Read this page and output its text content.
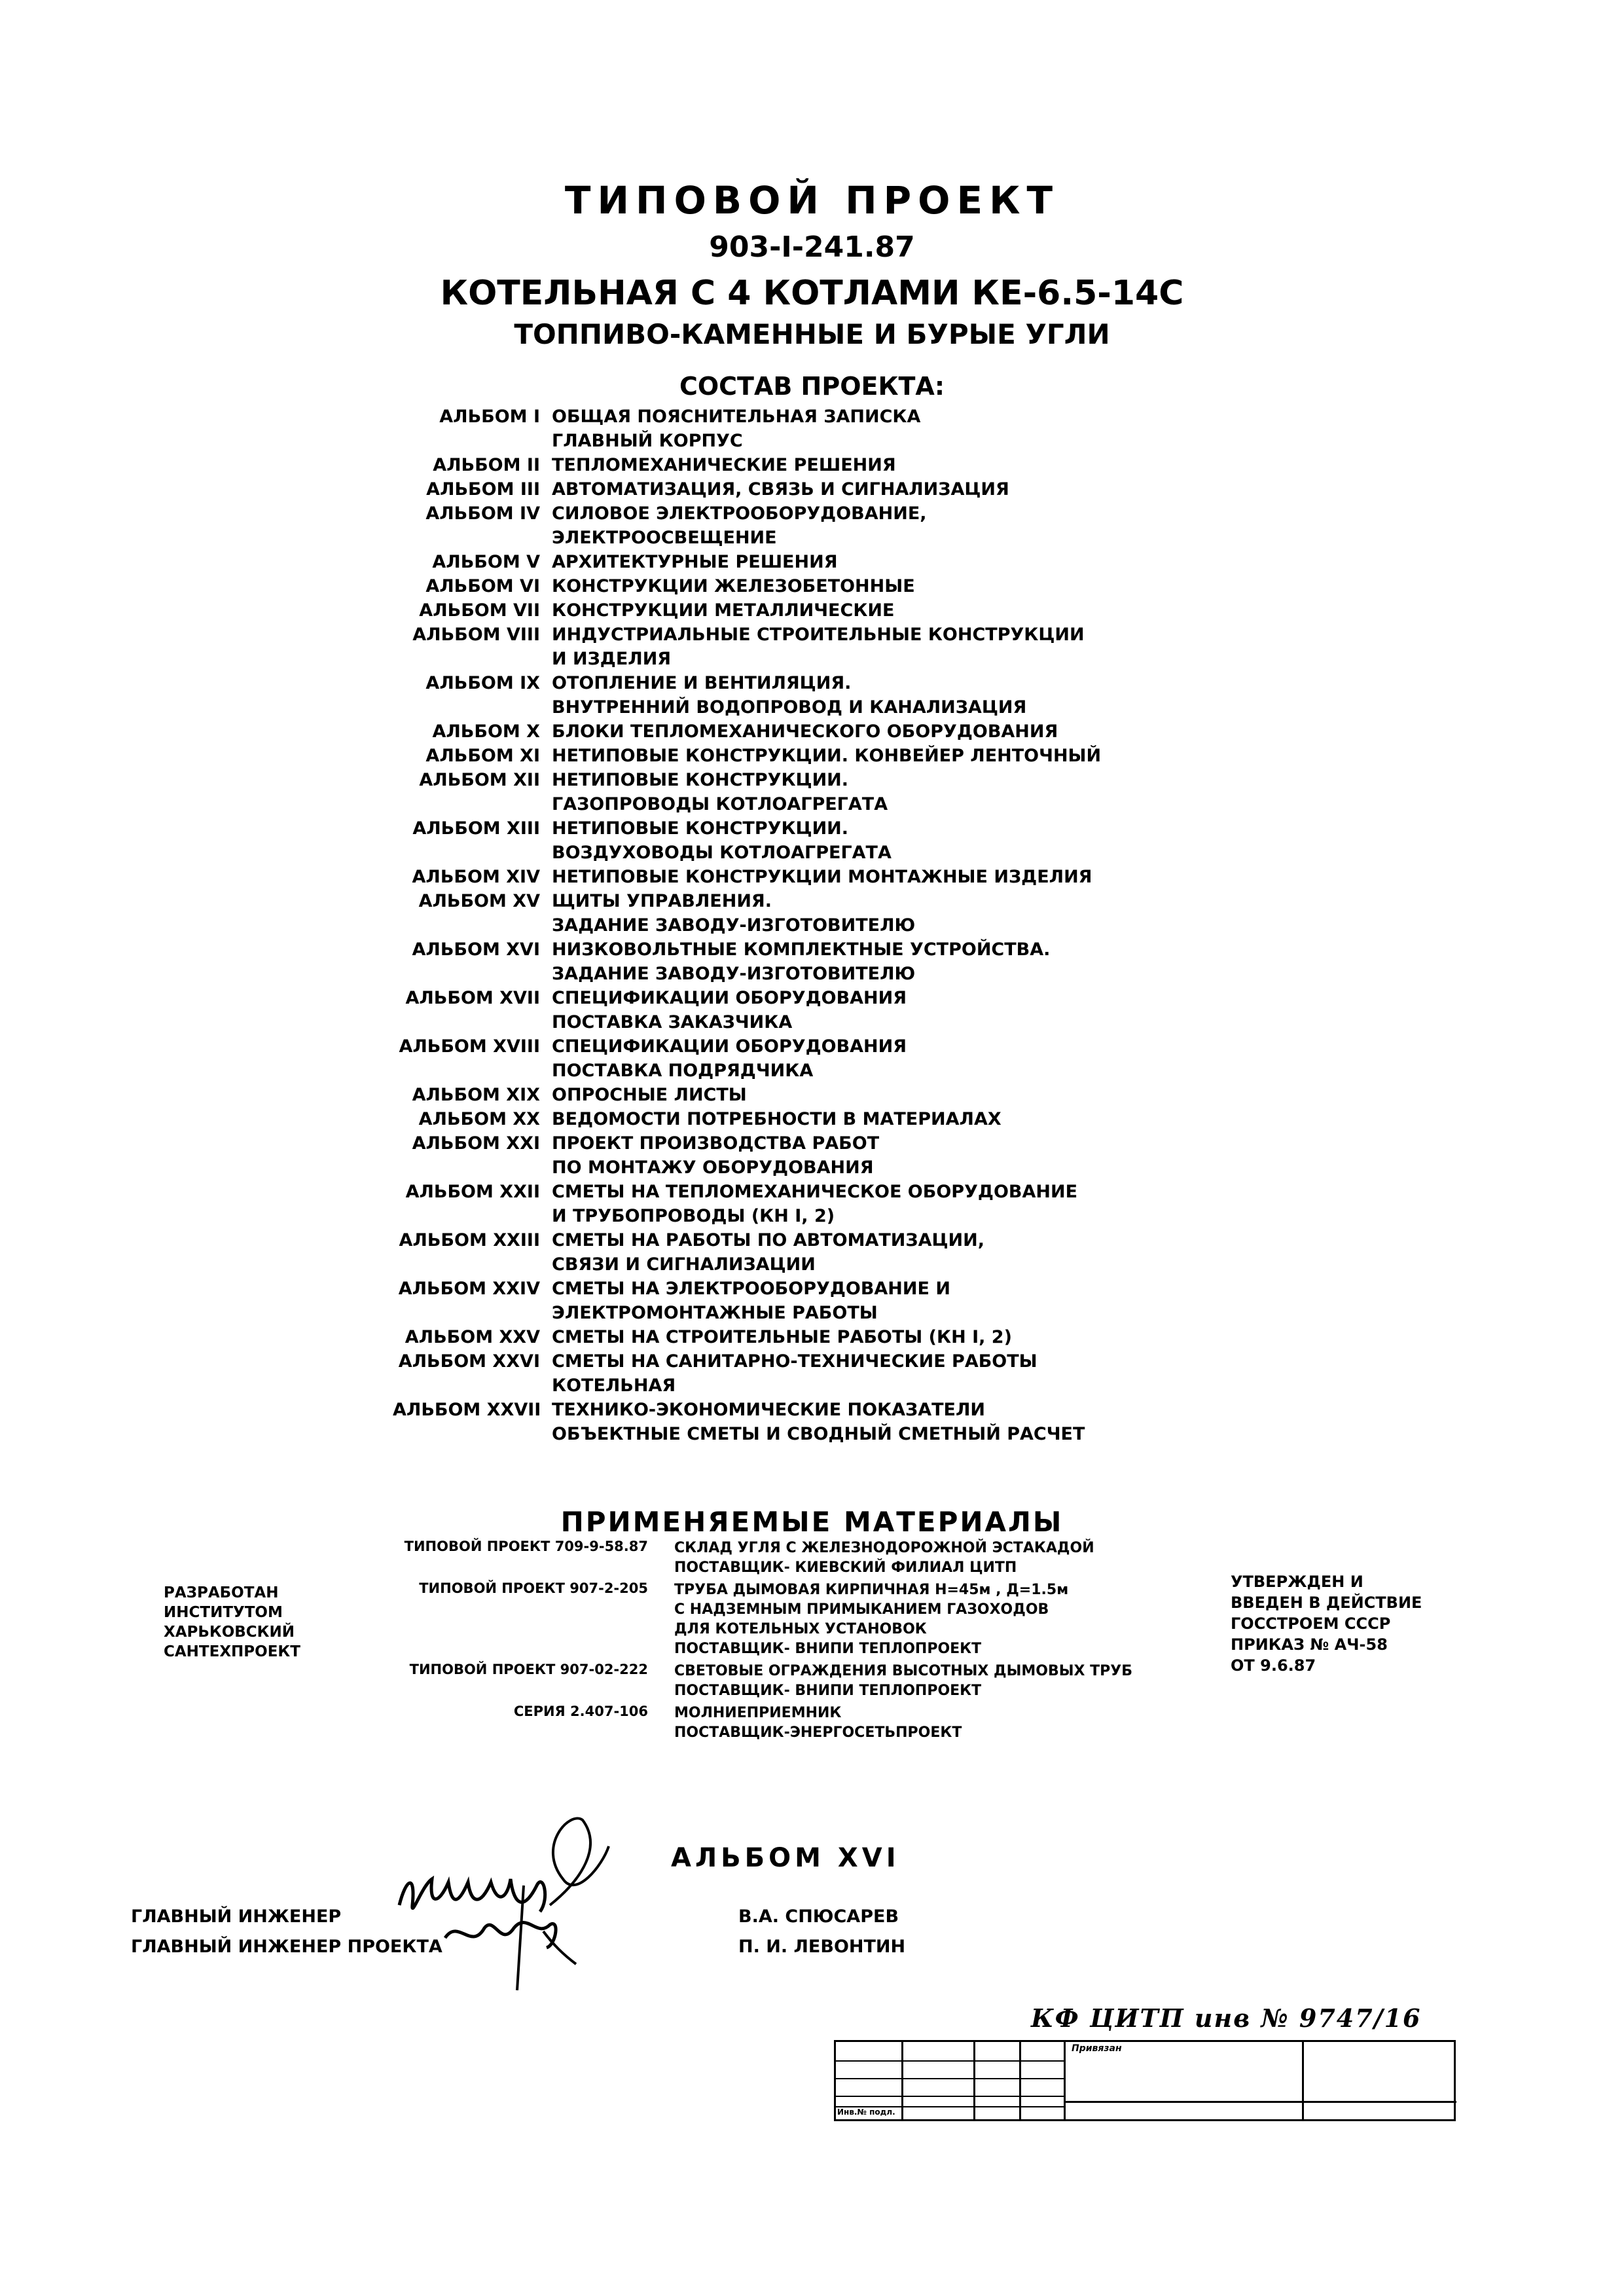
ТИПОВОЙ ПРОЕКТ
903-I-241.87
КОТЕЛЬНАЯ С 4 КОТЛАМИ КЕ-6.5-14С
ТОППИВО-КАМЕННЫЕ И БУРЫЕ УГЛИ
СОСТАВ ПРОЕКТА:
АЛЬБОМ I ОБЩАЯ ПОЯСНИТЕЛЬНАЯ ЗАПИСКА
ГЛАВНЫЙ КОРПУС
АЛЬБОМ II ТЕПЛОМЕХАНИЧЕСКИЕ РЕШЕНИЯ
АЛЬБОМ III АВТОМАТИЗАЦИЯ, СВЯЗЬ И СИГНАЛИЗАЦИЯ
АЛЬБОМ IV СИЛОВОЕ ЭЛЕКТРООБОРУДОВАНИЕ,
ЭЛЕКТРООСВЕЩЕНИЕ
АЛЬБОМ V АРХИТЕКТУРНЫЕ РЕШЕНИЯ
АЛЬБОМ VI КОНСТРУКЦИИ ЖЕЛЕЗОБЕТОННЫЕ
АЛЬБОМ VII КОНСТРУКЦИИ МЕТАЛЛИЧЕСКИЕ
АЛЬБОМ VIII ИНДУСТРИАЛЬНЫЕ СТРОИТЕЛЬНЫЕ КОНСТРУКЦИИ
И ИЗДЕЛИЯ
АЛЬБОМ IX ОТОПЛЕНИЕ И ВЕНТИЛЯЦИЯ.
ВНУТРЕННИЙ ВОДОПРОВОД И КАНАЛИЗАЦИЯ
АЛЬБОМ X БЛОКИ ТЕПЛОМЕХАНИЧЕСКОГО ОБОРУДОВАНИЯ
АЛЬБОМ XI НЕТИПОВЫЕ КОНСТРУКЦИИ. КОНВЕЙЕР ЛЕНТОЧНЫЙ
АЛЬБОМ XII НЕТИПОВЫЕ КОНСТРУКЦИИ.
ГАЗОПРОВОДЫ КОТЛОАГРЕГАТА
АЛЬБОМ XIII НЕТИПОВЫЕ КОНСТРУКЦИИ.
ВОЗДУХОВОДЫ КОТЛОАГРЕГАТА
АЛЬБОМ XIV НЕТИПОВЫЕ КОНСТРУКЦИИ МОНТАЖНЫЕ ИЗДЕЛИЯ
АЛЬБОМ XV ЩИТЫ УПРАВЛЕНИЯ.
ЗАДАНИЕ ЗАВОДУ-ИЗГОТОВИТЕЛЮ
АЛЬБОМ XVI НИЗКОВОЛЬТНЫЕ КОМПЛЕКТНЫЕ УСТРОЙСТВА.
ЗАДАНИЕ ЗАВОДУ-ИЗГОТОВИТЕЛЮ
АЛЬБОМ XVII СПЕЦИФИКАЦИИ ОБОРУДОВАНИЯ
ПОСТАВКА ЗАКАЗЧИКА
АЛЬБОМ XVIII СПЕЦИФИКАЦИИ ОБОРУДОВАНИЯ
ПОСТАВКА ПОДРЯДЧИКА
АЛЬБОМ XIX ОПРОСНЫЕ ЛИСТЫ
АЛЬБОМ XX ВЕДОМОСТИ ПОТРЕБНОСТИ В МАТЕРИАЛАХ
АЛЬБОМ XXI ПРОЕКТ ПРОИЗВОДСТВА РАБОТ
ПО МОНТАЖУ ОБОРУДОВАНИЯ
АЛЬБОМ XXII СМЕТЫ НА ТЕПЛОМЕХАНИЧЕСКОЕ ОБОРУДОВАНИЕ
И ТРУБОПРОВОДЫ (КН I, 2)
АЛЬБОМ XXIII СМЕТЫ НА РАБОТЫ ПО АВТОМАТИЗАЦИИ,
СВЯЗИ И СИГНАЛИЗАЦИИ
АЛЬБОМ XXIV СМЕТЫ НА ЭЛЕКТРООБОРУДОВАНИЕ И
ЭЛЕКТРОМОНТАЖНЫЕ РАБОТЫ
АЛЬБОМ XXV СМЕТЫ НА СТРОИТЕЛЬНЫЕ РАБОТЫ (КН I, 2)
АЛЬБОМ XXVI СМЕТЫ НА САНИТАРНО-ТЕХНИЧЕСКИЕ РАБОТЫ
КОТЕЛЬНАЯ
АЛЬБОМ XXVII ТЕХНИКО-ЭКОНОМИЧЕСКИЕ ПОКАЗАТЕЛИ
ОБЪЕКТНЫЕ СМЕТЫ И СВОДНЫЙ СМЕТНЫЙ РАСЧЕТ
ПРИМЕНЯЕМЫЕ МАТЕРИАЛЫ
ТИПОВОЙ ПРОЕКТ 709-9-58.87 СКЛАД УГЛЯ С ЖЕЛЕЗНОДОРОЖНОЙ ЭСТАКАДОЙ
ПОСТАВЩИК- КИЕВСКИЙ ФИЛИАЛ ЦИТП
ТИПОВОЙ ПРОЕКТ 907-2-205 ТРУБА ДЫМОВАЯ КИРПИЧНАЯ Н=45м , Д=1.5м
С НАДЗЕМНЫМ ПРИМЫКАНИЕМ ГАЗОХОДОВ
ДЛЯ КОТЕЛЬНЫХ УСТАНОВОК
ПОСТАВЩИК- ВНИПИ ТЕПЛОПРОЕКТ
ТИПОВОЙ ПРОЕКТ 907-02-222 СВЕТОВЫЕ ОГРАЖДЕНИЯ ВЫСОТНЫХ ДЫМОВЫХ ТРУБ
ПОСТАВЩИК- ВНИПИ ТЕПЛОПРОЕКТ
СЕРИЯ 2.407-106 МОЛНИЕПРИЕМНИК
ПОСТАВЩИК-ЭНЕРГОСЕТЬПРОЕКТ
РАЗРАБОТАН
ИНСТИТУТОМ
ХАРЬКОВСКИЙ
САНТЕХПРОЕКТ
УТВЕРЖДЕН И
ВВЕДЕН В ДЕЙСТВИЕ
ГОССТРОЕМ СССР
ПРИКАЗ № АЧ-58
ОТ 9.6.87
АЛЬБОМ XVI
ГЛАВНЫЙ ИНЖЕНЕР	В.А. СПЮСАРЕВ
ГЛАВНЫЙ ИНЖЕНЕР ПРОЕКТА	П. И. ЛЕВОНТИН
КФ ЦИТП инв № 9747/16
Привязан
Инв.№ подл.
